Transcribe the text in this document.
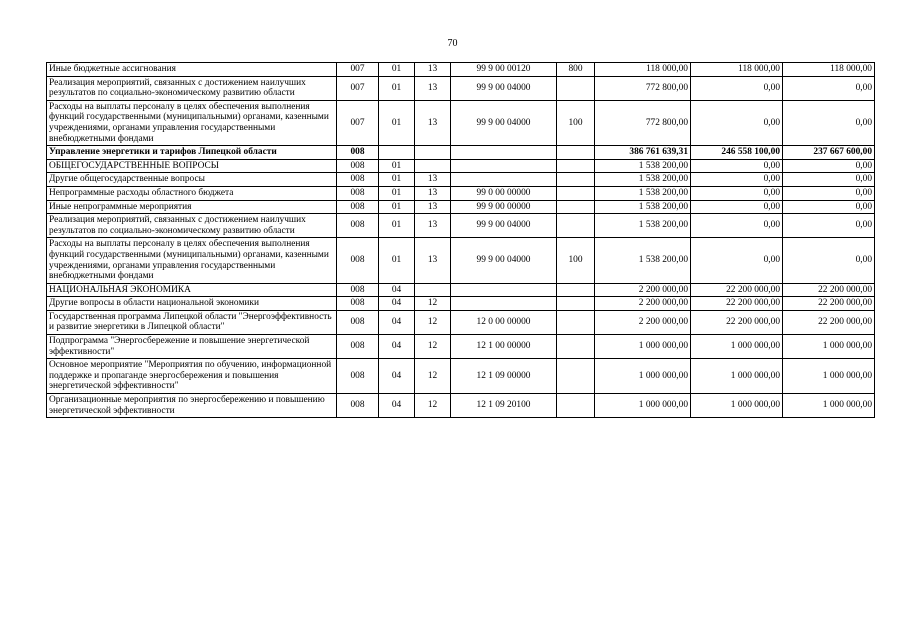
70
Иные бюджетные ассигнования	007	01	13	99 9 00 00120	800	118 000,00	118 000,00	118 000,00
Реализация мероприятий, связанных с достижением наилучших результатов по социально-экономическому развитию области	007	01	13	99 9 00 04000		772 800,00	0,00	0,00
Расходы на выплаты персоналу в целях обеспечения выполнения функций государственными (муниципальными) органами, казенными учреждениями, органами управления государственными внебюджетными фондами	007	01	13	99 9 00 04000	100	772 800,00	0,00	0,00
Управление энергетики и тарифов Липецкой области	008					386 761 639,31	246 558 100,00	237 667 600,00
ОБЩЕГОСУДАРСТВЕННЫЕ ВОПРОСЫ	008	01				1 538 200,00	0,00	0,00
Другие общегосударственные вопросы	008	01	13			1 538 200,00	0,00	0,00
Непрограммные расходы областного бюджета	008	01	13	99 0 00 00000		1 538 200,00	0,00	0,00
Иные непрограммные мероприятия	008	01	13	99 9 00 00000		1 538 200,00	0,00	0,00
Реализация мероприятий, связанных с достижением наилучших результатов по социально-экономическому развитию области	008	01	13	99 9 00 04000		1 538 200,00	0,00	0,00
Расходы на выплаты персоналу в целях обеспечения выполнения функций государственными (муниципальными) органами, казенными учреждениями, органами управления государственными внебюджетными фондами	008	01	13	99 9 00 04000	100	1 538 200,00	0,00	0,00
НАЦИОНАЛЬНАЯ ЭКОНОМИКА	008	04				2 200 000,00	22 200 000,00	22 200 000,00
Другие вопросы в области национальной экономики	008	04	12			2 200 000,00	22 200 000,00	22 200 000,00
Государственная программа Липецкой области "Энергоэффективность и развитие энергетики в Липецкой области"	008	04	12	12 0 00 00000		2 200 000,00	22 200 000,00	22 200 000,00
Подпрограмма "Энергосбережение и повышение энергетической эффективности"	008	04	12	12 1 00 00000		1 000 000,00	1 000 000,00	1 000 000,00
Основное мероприятие "Мероприятия по обучению, информационной поддержке и пропаганде энергосбережения и повышения энергетической эффективности"	008	04	12	12 1 09 00000		1 000 000,00	1 000 000,00	1 000 000,00
Организационные мероприятия по энергосбережению и повышению энергетической эффективности	008	04	12	12 1 09 20100		1 000 000,00	1 000 000,00	1 000 000,00
